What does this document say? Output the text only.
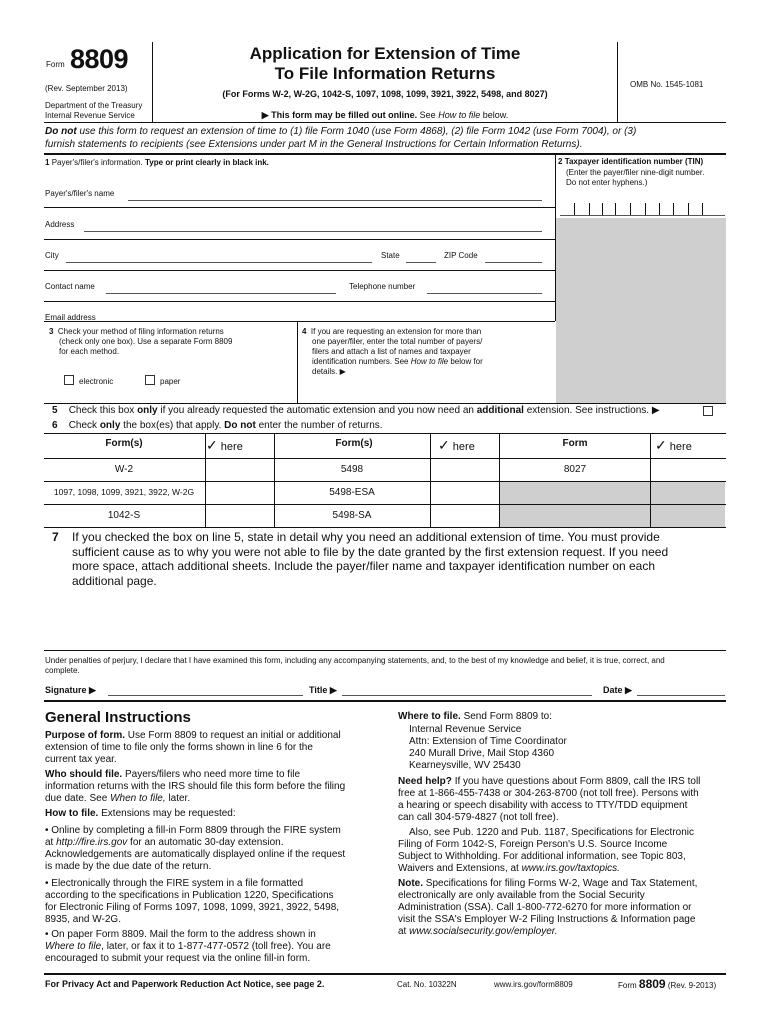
Form 8809
(Rev. September 2013)
Department of the Treasury
Internal Revenue Service
Application for Extension of Time
To File Information Returns
(For Forms W-2, W-2G, 1042-S, 1097, 1098, 1099, 3921, 3922, 5498, and 8027)
▶ This form may be filled out online. See How to file below.
OMB No. 1545-1081
Do not use this form to request an extension of time to (1) file Form 1040 (use Form 4868), (2) file Form 1042 (use Form 7004), or (3)
furnish statements to recipients (see Extensions under part M in the General Instructions for Certain Information Returns).
1 Payer's/filer's information. Type or print clearly in black ink.
Payer's/filer's name
Address
City	State	ZIP Code
Contact name	Telephone number
Email address
2 Taxpayer identification number (TIN)
(Enter the payer/filer nine-digit number.
Do not enter hyphens.)
3 Check your method of filing information returns
(check only one box). Use a separate Form 8809
for each method.
electronic	paper
4 If you are requesting an extension for more than
one payer/filer, enter the total number of payers/
filers and attach a list of names and taxpayer
identification numbers. See How to file below for
details. ▶
5 Check this box only if you already requested the automatic extension and you now need an additional extension. See instructions. ▶
6 Check only the box(es) that apply. Do not enter the number of returns.
Form(s)	✓ here	Form(s)	✓ here	Form	✓ here
W-2	5498	8027
1097, 1098, 1099, 3921, 3922, W-2G	5498-ESA
1042-S	5498-SA
7 If you checked the box on line 5, state in detail why you need an additional extension of time. You must provide
sufficient cause as to why you were not able to file by the date granted by the first extension request. If you need
more space, attach additional sheets. Include the payer/filer name and taxpayer identification number on each
additional page.
Under penalties of perjury, I declare that I have examined this form, including any accompanying statements, and, to the best of my knowledge and belief, it is true, correct, and
complete.
Signature ▶	Title ▶	Date ▶
General Instructions
Purpose of form. Use Form 8809 to request an initial or additional
extension of time to file only the forms shown in line 6 for the
current tax year.
Who should file. Payers/filers who need more time to file
information returns with the IRS should file this form before the filing
due date. See When to file, later.
How to file. Extensions may be requested:
• Online by completing a fill-in Form 8809 through the FIRE system
at http://fire.irs.gov for an automatic 30-day extension.
Acknowledgements are automatically displayed online if the request
is made by the due date of the return.
• Electronically through the FIRE system in a file formatted
according to the specifications in Publication 1220, Specifications
for Electronic Filing of Forms 1097, 1098, 1099, 3921, 3922, 5498,
8935, and W-2G.
• On paper Form 8809. Mail the form to the address shown in
Where to file, later, or fax it to 1-877-477-0572 (toll free). You are
encouraged to submit your request via the online fill-in form.
Where to file. Send Form 8809 to:
Internal Revenue Service
Attn: Extension of Time Coordinator
240 Murall Drive, Mail Stop 4360
Kearneysville, WV 25430
Need help? If you have questions about Form 8809, call the IRS toll
free at 1-866-455-7438 or 304-263-8700 (not toll free). Persons with
a hearing or speech disability with access to TTY/TDD equipment
can call 304-579-4827 (not toll free).
Also, see Pub. 1220 and Pub. 1187, Specifications for Electronic
Filing of Form 1042-S, Foreign Person's U.S. Source Income
Subject to Withholding. For additional information, see Topic 803,
Waivers and Extensions, at www.irs.gov/taxtopics.
Note. Specifications for filing Forms W-2, Wage and Tax Statement,
electronically are only available from the Social Security
Administration (SSA). Call 1-800-772-6270 for more information or
visit the SSA's Employer W-2 Filing Instructions & Information page
at www.socialsecurity.gov/employer.
For Privacy Act and Paperwork Reduction Act Notice, see page 2.	Cat. No. 10322N	www.irs.gov/form8809	Form 8809 (Rev. 9-2013)
